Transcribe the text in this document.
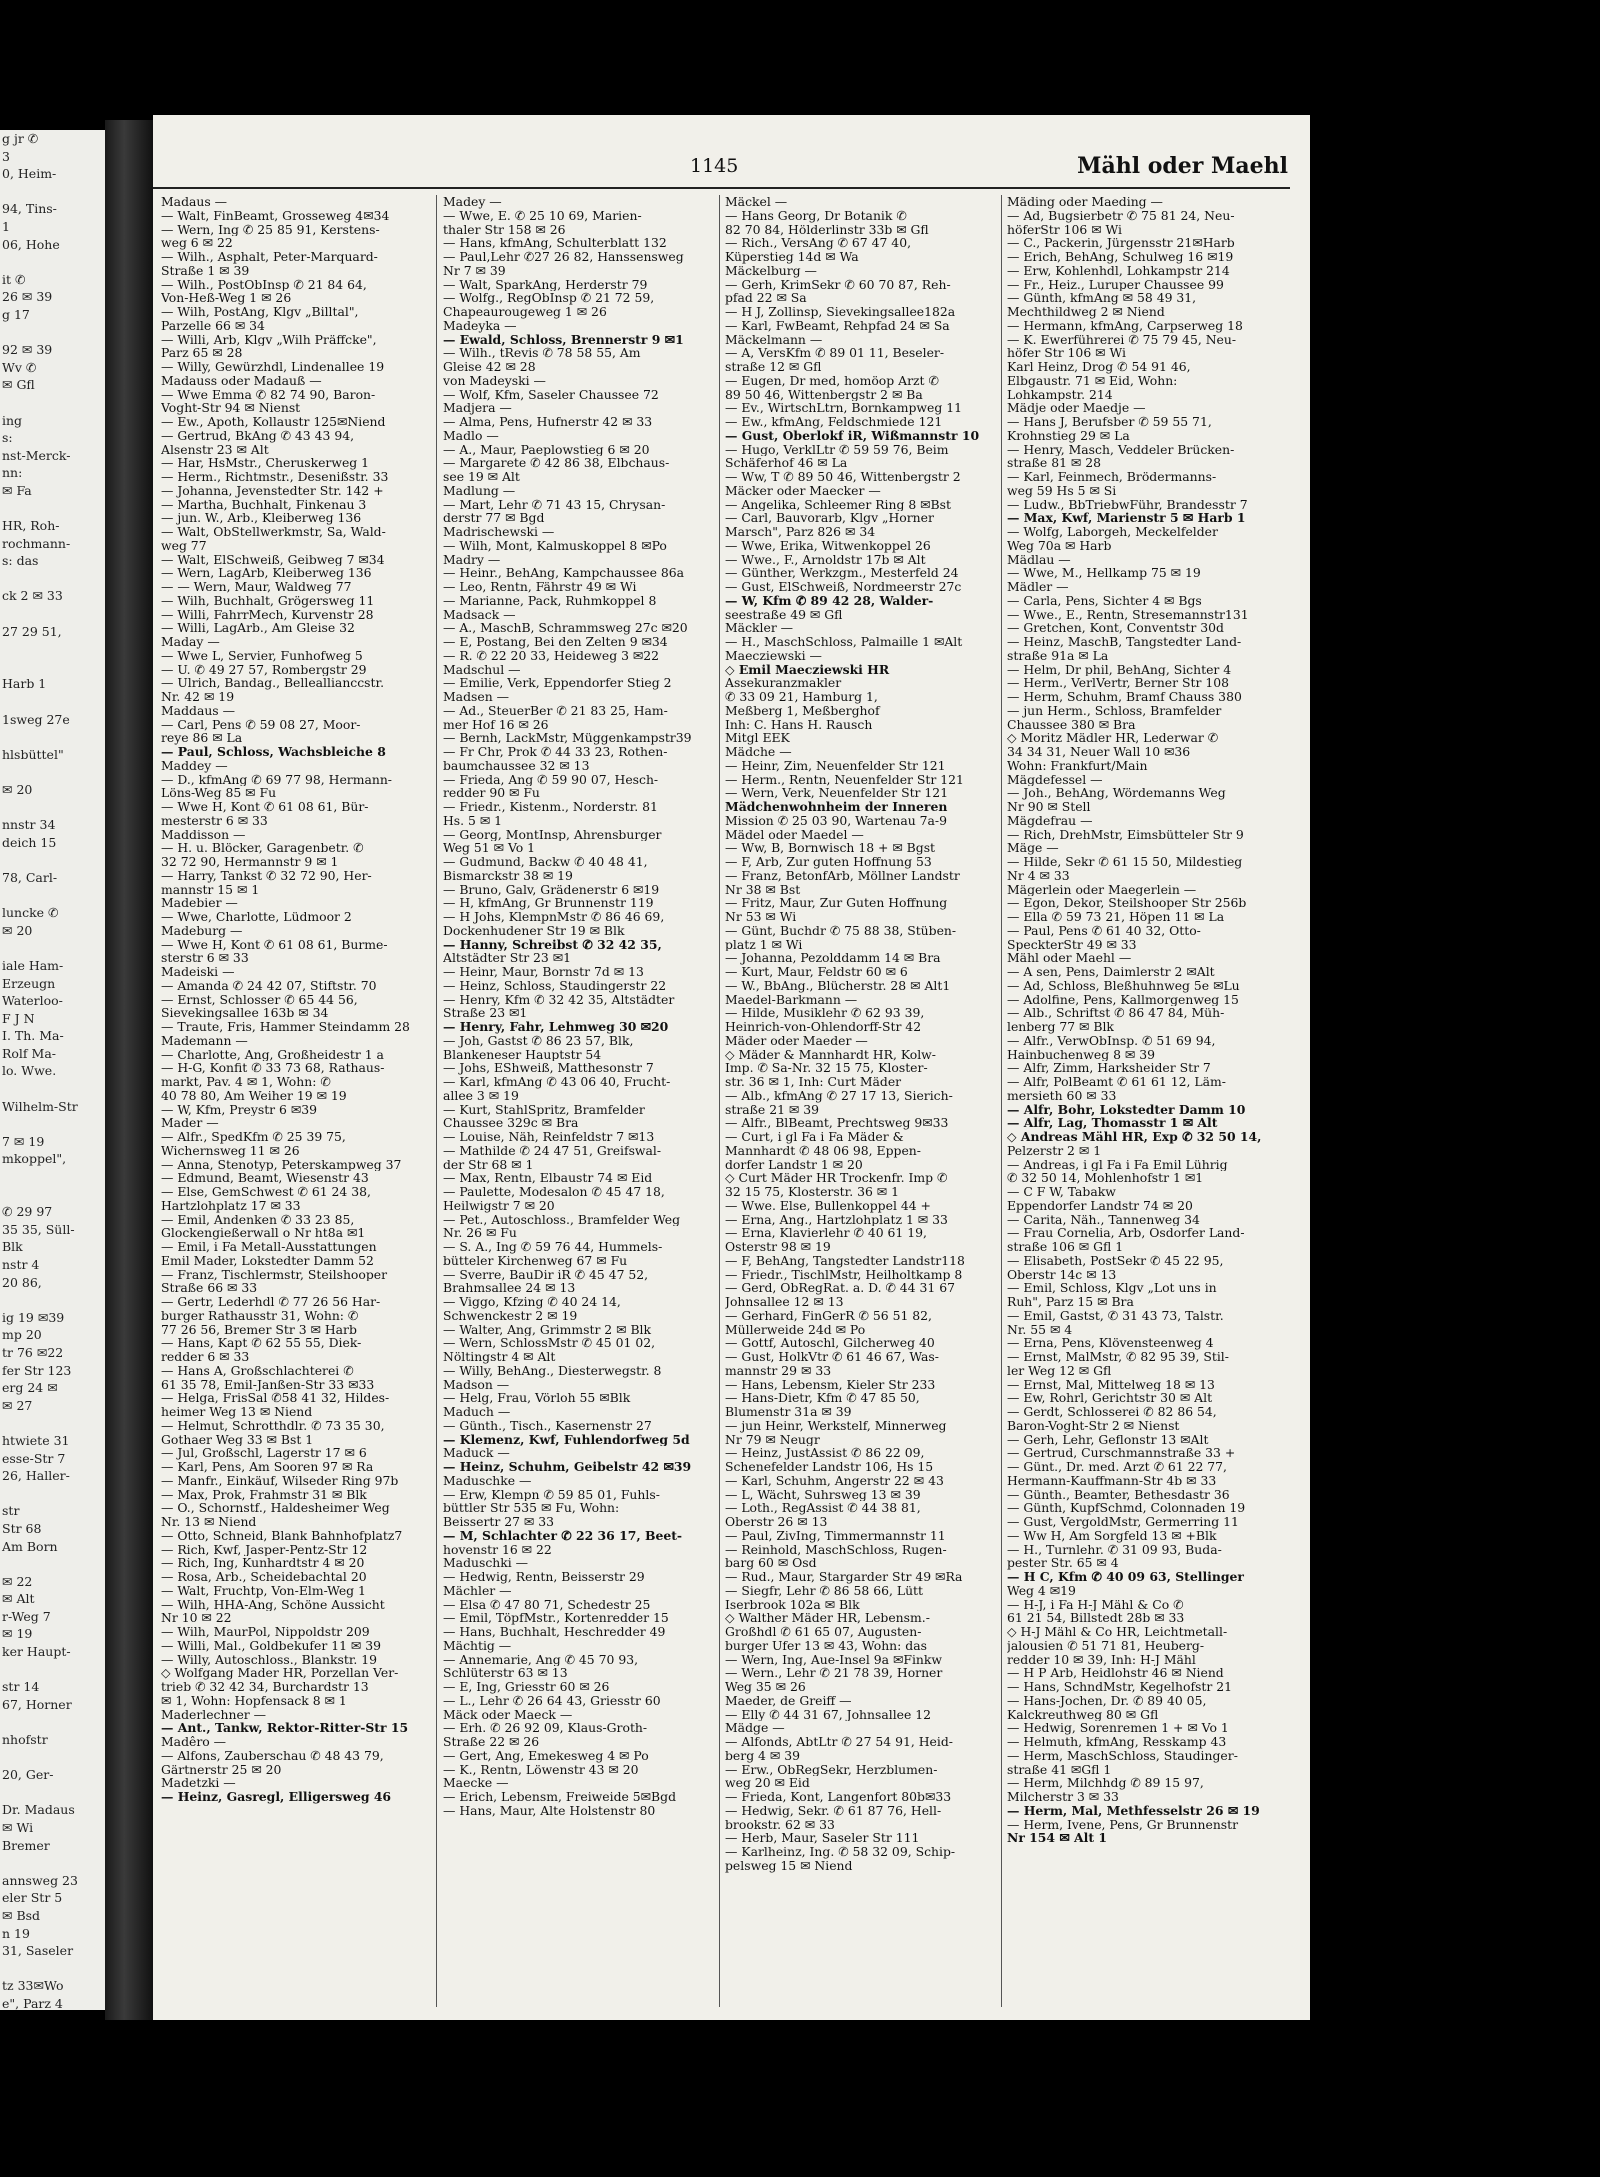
g jr ✆
3
0, Heim-

94, Tins-
1
06, Hohe

it ✆
26 ✉ 39
g 17

92 ✉ 39
Wv ✆
✉ Gfl

ing
s:
nst-Merck-
nn:
✉ Fa

HR, Roh-
rochmann-
s: das

ck 2 ✉ 33

27 29 51,

Harb 1

1sweg 27e

hlsbüttel"

✉ 20

nnstr 34
deich 15

78, Carl-

luncke ✆
✉ 20

iale Ham-
Erzeugn
Waterloo-
F J N
I. Th. Ma-
Rolf Ma-
lo. Wwe.

Wilhelm-Str

7 ✉ 19
mkoppel",

✆ 29 97
35 35, Süll-
Blk
nstr 4
20 86,

ig 19 ✉39
mp 20
tr 76 ✉22
fer Str 123
erg 24 ✉
✉ 27

htwiete 31
esse-Str 7
26, Haller-

str
Str 68
Am Born

✉ 22
✉ Alt
r-Weg 7
✉ 19
ker Haupt-

str 14
67, Horner

nhofstr

20, Ger-

Dr. Madaus
✉ Wi
Bremer

annsweg 23
eler Str 5
✉ Bsd
n 19
31, Saseler

tz 33✉Wo
e", Parz 4

1145	Mähl oder Maehl
Madaus —
— Walt, FinBeamt, Grosseweg 4✉34
— Wern, Ing ✆ 25 85 91, Kerstens-
weg 6 ✉ 22
— Wilh., Asphalt, Peter-Marquard-
Straße 1 ✉ 39
— Wilh., PostObInsp ✆ 21 84 64,
Von-Heß-Weg 1 ✉ 26
— Wilh, PostAng, Klgv „Billtal",
Parzelle 66 ✉ 34
— Willi, Arb, Klgv „Wilh Präffcke",
Parz 65 ✉ 28
— Willy, Gewürzhdl, Lindenallee 19
Madauss oder Madauß —
— Wwe Emma ✆ 82 74 90, Baron-
Voght-Str 94 ✉ Nienst
— Ew., Apoth, Kollaustr 125✉Niend
— Gertrud, BkAng ✆ 43 43 94,
Alsenstr 23 ✉ Alt
— Har, HsMstr., Cheruskerweg 1
— Herm., Richtmstr., Desenißstr. 33
— Johanna, Jevenstedter Str. 142 +
— Martha, Buchhalt, Finkenau 3
— jun. W., Arb., Kleiberweg 136
— Walt, ObStellwerkmstr, Sa, Wald-
weg 77
— Walt, ElSchweiß, Geibweg 7 ✉34
— Wern, LagArb, Kleiberweg 136
— — Wern, Maur, Waldweg 77
— Wilh, Buchhalt, Grögersweg 11
— Willi, FahrrMech, Kurvenstr 28
— Willi, LagArb., Am Gleise 32
Maday —
— Wwe L, Servier, Funhofweg 5
— U. ✆ 49 27 57, Rombergstr 29
— Ulrich, Bandag., Belleallianccstr.
Nr. 42 ✉ 19
Maddaus —
— Carl, Pens ✆ 59 08 27, Moor-
reye 86 ✉ La
— Paul, Schloss, Wachsbleiche 8
Maddey —
— D., kfmAng ✆ 69 77 98, Hermann-
Löns-Weg 85 ✉ Fu
— Wwe H, Kont ✆ 61 08 61, Bür-
mesterstr 6 ✉ 33
Maddisson —
— H. u. Blöcker, Garagenbetr. ✆
32 72 90, Hermannstr 9 ✉ 1
— Harry, Tankst ✆ 32 72 90, Her-
mannstr 15 ✉ 1
Madebier —
— Wwe, Charlotte, Lüdmoor 2
Madeburg —
— Wwe H, Kont ✆ 61 08 61, Burme-
sterstr 6 ✉ 33
Madeiski —
— Amanda ✆ 24 42 07, Stiftstr. 70
— Ernst, Schlosser ✆ 65 44 56,
Sievekingsallee 163b ✉ 34
— Traute, Fris, Hammer Steindamm 28
Mademann —
— Charlotte, Ang, Großheidestr 1 a
— H-G, Konfit ✆ 33 73 68, Rathaus-
markt, Pav. 4 ✉ 1, Wohn: ✆
40 78 80, Am Weiher 19 ✉ 19
— W, Kfm, Preystr 6 ✉39
Mader —
— Alfr., SpedKfm ✆ 25 39 75,
Wichernsweg 11 ✉ 26
— Anna, Stenotyp, Peterskampweg 37
— Edmund, Beamt, Wiesenstr 43
— Else, GemSchwest ✆ 61 24 38,
Hartzlohplatz 17 ✉ 33
— Emil, Andenken ✆ 33 23 85,
Glockengießerwall o Nr ht8a ✉1
— Emil, i Fa Metall-Ausstattungen
Emil Mader, Lokstedter Damm 52
— Franz, Tischlermstr, Steilshooper
Straße 66 ✉ 33
— Gertr, Lederhdl ✆ 77 26 56 Har-
burger Rathausstr 31, Wohn: ✆
77 26 56, Bremer Str 3 ✉ Harb
— Hans, Kapt ✆ 62 55 55, Diek-
redder 6 ✉ 33
— Hans A, Großschlachterei ✆
61 35 78, Emil-Janßen-Str 33 ✉33
— Helga, FrisSal ✆58 41 32, Hildes-
heimer Weg 13 ✉ Niend
— Helmut, Schrotthdlr. ✆ 73 35 30,
Gothaer Weg 33 ✉ Bst 1
— Jul, Großschl, Lagerstr 17 ✉ 6
— Karl, Pens, Am Sooren 97 ✉ Ra
— Manfr., Einkäuf, Wilseder Ring 97b
— Max, Prok, Frahmstr 31 ✉ Blk
— O., Schornstf., Haldesheimer Weg
Nr. 13 ✉ Niend
— Otto, Schneid, Blank Bahnhofplatz7
— Rich, Kwf, Jasper-Pentz-Str 12
— Rich, Ing, Kunhardtstr 4 ✉ 20
— Rosa, Arb., Scheidebachtal 20
— Walt, Fruchtp, Von-Elm-Weg 1
— Wilh, HHA-Ang, Schöne Aussicht
Nr 10 ✉ 22
— Wilh, MaurPol, Nippoldstr 209
— Willi, Mal., Goldbekufer 11 ✉ 39
— Willy, Autoschloss., Blankstr. 19
◇ Wolfgang Mader HR, Porzellan Ver-
trieb ✆ 32 42 34, Burchardstr 13
✉ 1, Wohn: Hopfensack 8 ✉ 1
Maderlechner —
— Ant., Tankw, Rektor-Ritter-Str 15
Madêro —
— Alfons, Zauberschau ✆ 48 43 79,
Gärtnerstr 25 ✉ 20
Madetzki —
— Heinz, Gasregl, Elligersweg 46
Madey —
— Wwe, E. ✆ 25 10 69, Marien-
thaler Str 158 ✉ 26
— Hans, kfmAng, Schulterblatt 132
— Paul,Lehr ✆27 26 82, Hanssensweg
Nr 7 ✉ 39
— Walt, SparkAng, Herderstr 79
— Wolfg., RegObInsp ✆ 21 72 59,
Chapeaurougeweg 1 ✉ 26
Madeyka —
— Ewald, Schloss, Brennerstr 9 ✉1
— Wilh., tRevis ✆ 78 58 55, Am
Gleise 42 ✉ 28
von Madeyski —
— Wolf, Kfm, Saseler Chaussee 72
Madjera —
— Alma, Pens, Hufnerstr 42 ✉ 33
Madlo —
— A., Maur, Paeplowstieg 6 ✉ 20
— Margarete ✆ 42 86 38, Elbchaus-
see 19 ✉ Alt
Madlung —
— Mart, Lehr ✆ 71 43 15, Chrysan-
derstr 77 ✉ Bgd
Madrischewski —
— Wilh, Mont, Kalmuskoppel 8 ✉Po
Madry —
— Heinr., BehAng, Kampchaussee 86a
— Leo, Rentn, Fährstr 49 ✉ Wi
— Marianne, Pack, Ruhmkoppel 8
Madsack —
— A., MaschB, Schrammsweg 27c ✉20
— E, Postang, Bei den Zelten 9 ✉34
— R. ✆ 22 20 33, Heideweg 3 ✉22
Madschul —
— Emilie, Verk, Eppendorfer Stieg 2
Madsen —
— Ad., SteuerBer ✆ 21 83 25, Ham-
mer Hof 16 ✉ 26
— Bernh, LackMstr, Müggenkampstr39
— Fr Chr, Prok ✆ 44 33 23, Rothen-
baumchaussee 32 ✉ 13
— Frieda, Ang ✆ 59 90 07, Hesch-
redder 90 ✉ Fu
— Friedr., Kistenm., Norderstr. 81
Hs. 5 ✉ 1
— Georg, MontInsp, Ahrensburger
Weg 51 ✉ Vo 1
— Gudmund, Backw ✆ 40 48 41,
Bismarckstr 38 ✉ 19
— Bruno, Galv, Grädenerstr 6 ✉19
— H, kfmAng, Gr Brunnenstr 119
— H Johs, KlempnMstr ✆ 86 46 69,
Dockenhudener Str 19 ✉ Blk
— Hanny, Schreibst ✆ 32 42 35,
Altstädter Str 23 ✉1
— Heinr, Maur, Bornstr 7d ✉ 13
— Heinz, Schloss, Staudingerstr 22
— Henry, Kfm ✆ 32 42 35, Altstädter
Straße 23 ✉1
— Henry, Fahr, Lehmweg 30 ✉20
— Joh, Gastst ✆ 86 23 57, Blk,
Blankeneser Hauptstr 54
— Johs, EShweiß, Matthesonstr 7
— Karl, kfmAng ✆ 43 06 40, Frucht-
allee 3 ✉ 19
— Kurt, StahlSpritz, Bramfelder
Chaussee 329c ✉ Bra
— Louise, Näh, Reinfeldstr 7 ✉13
— Mathilde ✆ 24 47 51, Greifswal-
der Str 68 ✉ 1
— Max, Rentn, Elbaustr 74 ✉ Eid
— Paulette, Modesalon ✆ 45 47 18,
Heilwigstr 7 ✉ 20
— Pet., Autoschloss., Bramfelder Weg
Nr. 26 ✉ Fu
— S. A., Ing ✆ 59 76 44, Hummels-
bütteler Kirchenweg 67 ✉ Fu
— Sverre, BauDir iR ✆ 45 47 52,
Brahmsallee 24 ✉ 13
— Viggo, Kfzing ✆ 40 24 14,
Schwenckestr 2 ✉ 19
— Walter, Ang, Grimmstr 2 ✉ Blk
— Wern, SchlossMstr ✆ 45 01 02,
Nöltingstr 4 ✉ Alt
— Willy, BehAng., Diesterwegstr. 8
Madson —
— Helg, Frau, Vörloh 55 ✉Blk
Maduch —
— Günth., Tisch., Kasernenstr 27
— Klemenz, Kwf, Fuhlendorfweg 5d
Maduck —
— Heinz, Schuhm, Geibelstr 42 ✉39
Maduschke —
— Erw, Klempn ✆ 59 85 01, Fuhls-
büttler Str 535 ✉ Fu, Wohn:
Beissertr 27 ✉ 33
— M, Schlachter ✆ 22 36 17, Beet-
hovenstr 16 ✉ 22
Maduschki —
— Hedwig, Rentn, Beisserstr 29
Mächler —
— Elsa ✆ 47 80 71, Schedestr 25
— Emil, TöpfMstr., Kortenredder 15
— Hans, Buchhalt, Heschredder 49
Mächtig —
— Annemarie, Ang ✆ 45 70 93,
Schlüterstr 63 ✉ 13
— E, Ing, Griesstr 60 ✉ 26
— L., Lehr ✆ 26 64 43, Griesstr 60
Mäck oder Maeck —
— Erh. ✆ 26 92 09, Klaus-Groth-
Straße 22 ✉ 26
— Gert, Ang, Emekesweg 4 ✉ Po
— K., Rentn, Löwenstr 43 ✉ 20
Maecke —
— Erich, Lebensm, Freiweide 5✉Bgd
— Hans, Maur, Alte Holstenstr 80
Mäckel —
— Hans Georg, Dr Botanik ✆
82 70 84, Hölderlinstr 33b ✉ Gfl
— Rich., VersAng ✆ 67 47 40,
Küperstieg 14d ✉ Wa
Mäckelburg —
— Gerh, KrimSekr ✆ 60 70 87, Reh-
pfad 22 ✉ Sa
— H J, Zollinsp, Sievekingsallee182a
— Karl, FwBeamt, Rehpfad 24 ✉ Sa
Mäckelmann —
— A, VersKfm ✆ 89 01 11, Beseler-
straße 12 ✉ Gfl
— Eugen, Dr med, homöop Arzt ✆
89 50 46, Wittenbergstr 2 ✉ Ba
— Ev., WirtschLtrn, Bornkampweg 11
— Ew., kfmAng, Feldschmiede 121
— Gust, Oberlokf iR, Wißmannstr 10
— Hugo, VerklLtr ✆ 59 59 76, Beim
Schäferhof 46 ✉ La
— Ww, T ✆ 89 50 46, Wittenbergstr 2
Mäcker oder Maecker —
— Angelika, Schleemer Ring 8 ✉Bst
— Carl, Bauvorarb, Klgv „Horner
Marsch", Parz 826 ✉ 34
— Wwe, Erika, Witwenkoppel 26
— Wwe., F., Arnoldstr 17b ✉ Alt
— Günther, Werkzgm., Mesterfeld 24
— Gust, ElSchweiß, Nordmeerstr 27c
— W, Kfm ✆ 89 42 28, Walder-
seestraße 49 ✉ Gfl
Mäckler —
— H., MaschSchloss, Palmaille 1 ✉Alt
Maecziewski —
◇ Emil Maecziewski HR
Assekuranzmakler
✆ 33 09 21, Hamburg 1,
Meßberg 1, Meßberghof
Inh: C. Hans H. Rausch
Mitgl EEK
Mädche —
— Heinr, Zim, Neuenfelder Str 121
— Herm., Rentn, Neuenfelder Str 121
— Wern, Verk, Neuenfelder Str 121
Mädchenwohnheim der Inneren
Mission ✆ 25 03 90, Wartenau 7a-9
Mädel oder Maedel —
— Ww, B, Bornwisch 18 + ✉ Bgst
— F, Arb, Zur guten Hoffnung 53
— Franz, BetonfArb, Möllner Landstr
Nr 38 ✉ Bst
— Fritz, Maur, Zur Guten Hoffnung
Nr 53 ✉ Wi
— Günt, Buchdr ✆ 75 88 38, Stüben-
platz 1 ✉ Wi
— Johanna, Pezolddamm 14 ✉ Bra
— Kurt, Maur, Feldstr 60 ✉ 6
— W., BbAng., Blücherstr. 28 ✉ Alt1
Maedel-Barkmann —
— Hilde, Musiklehr ✆ 62 93 39,
Heinrich-von-Ohlendorff-Str 42
Mäder oder Maeder —
◇ Mäder & Mannhardt HR, Kolw-
Imp. ✆ Sa-Nr. 32 15 75, Kloster-
str. 36 ✉ 1, Inh: Curt Mäder
— Alb., kfmAng ✆ 27 17 13, Sierich-
straße 21 ✉ 39
— Alfr., BlBeamt, Prechtsweg 9✉33
— Curt, i gl Fa i Fa Mäder &
Mannhardt ✆ 48 06 98, Eppen-
dorfer Landstr 1 ✉ 20
◇ Curt Mäder HR Trockenfr. Imp ✆
32 15 75, Klosterstr. 36 ✉ 1
— Wwe. Else, Bullenkoppel 44 +
— Erna, Ang., Hartzlohplatz 1 ✉ 33
— Erna, Klavierlehr ✆ 40 61 19,
Osterstr 98 ✉ 19
— F, BehAng, Tangstedter Landstr118
— Friedr., TischlMstr, Heilholtkamp 8
— Gerd, ObRegRat. a. D. ✆ 44 31 67
Johnsallee 12 ✉ 13
— Gerhard, FinGerR ✆ 56 51 82,
Müllerweide 24d ✉ Po
— Gottf, Autoschl, Gilcherweg 40
— Gust, HolkVtr ✆ 61 46 67, Was-
mannstr 29 ✉ 33
— Hans, Lebensm, Kieler Str 233
— Hans-Dietr, Kfm ✆ 47 85 50,
Blumenstr 31a ✉ 39
— jun Heinr, Werkstelf, Minnerweg
Nr 79 ✉ Neugr
— Heinz, JustAssist ✆ 86 22 09,
Schenefelder Landstr 106, Hs 15
— Karl, Schuhm, Angerstr 22 ✉ 43
— L, Wächt, Suhrsweg 13 ✉ 39
— Loth., RegAssist ✆ 44 38 81,
Oberstr 26 ✉ 13
— Paul, ZivIng, Timmermannstr 11
— Reinhold, MaschSchloss, Rugen-
barg 60 ✉ Osd
— Rud., Maur, Stargarder Str 49 ✉Ra
— Siegfr, Lehr ✆ 86 58 66, Lütt
Iserbrook 102a ✉ Blk
◇ Walther Mäder HR, Lebensm.-
Großhdl ✆ 61 65 07, Augusten-
burger Ufer 13 ✉ 43, Wohn: das
— Wern, Ing, Aue-Insel 9a ✉Finkw
— Wern., Lehr ✆ 21 78 39, Horner
Weg 35 ✉ 26
Maeder, de Greiff —
— Elly ✆ 44 31 67, Johnsallee 12
Mädge —
— Alfonds, AbtLtr ✆ 27 54 91, Heid-
berg 4 ✉ 39
— Erw., ObRegSekr, Herzblumen-
weg 20 ✉ Eid
— Frieda, Kont, Langenfort 80b✉33
— Hedwig, Sekr. ✆ 61 87 76, Hell-
brookstr. 62 ✉ 33
— Herb, Maur, Saseler Str 111
— Karlheinz, Ing. ✆ 58 32 09, Schip-
pelsweg 15 ✉ Niend
Mäding oder Maeding —
— Ad, Bugsierbetr ✆ 75 81 24, Neu-
höferStr 106 ✉ Wi
— C., Packerin, Jürgensstr 21✉Harb
— Erich, BehAng, Schulweg 16 ✉19
— Erw, Kohlenhdl, Lohkampstr 214
— Fr., Heiz., Luruper Chaussee 99
— Günth, kfmAng ✉ 58 49 31,
Mechthildweg 2 ✉ Niend
— Hermann, kfmAng, Carpserweg 18
— K. Ewerführerei ✆ 75 79 45, Neu-
höfer Str 106 ✉ Wi
Karl Heinz, Drog ✆ 54 91 46,
Elbgaustr. 71 ✉ Eid, Wohn:
Lohkampstr. 214
Mädje oder Maedje —
— Hans J, Berufsber ✆ 59 55 71,
Krohnstieg 29 ✉ La
— Henry, Masch, Veddeler Brücken-
straße 81 ✉ 28
— Karl, Feinmech, Brödermanns-
weg 59 Hs 5 ✉ Si
— Ludw., BbTriebwFühr, Brandesstr 7
— Max, Kwf, Marienstr 5 ✉ Harb 1
— Wolfg, Laborgeh, Meckelfelder
Weg 70a ✉ Harb
Mädlau —
— Wwe, M., Hellkamp 75 ✉ 19
Mädler —
— Carla, Pens, Sichter 4 ✉ Bgs
— Wwe., E., Rentn, Stresemannstr131
— Gretchen, Kont, Conventstr 30d
— Heinz, MaschB, Tangstedter Land-
straße 91a ✉ La
— Helm, Dr phil, BehAng, Sichter 4
— Herm., VerlVertr, Berner Str 108
— Herm, Schuhm, Bramf Chauss 380
— jun Herm., Schloss, Bramfelder
Chaussee 380 ✉ Bra
◇ Moritz Mädler HR, Lederwar ✆
34 34 31, Neuer Wall 10 ✉36
Wohn: Frankfurt/Main
Mägdefessel —
— Joh., BehAng, Wördemanns Weg
Nr 90 ✉ Stell
Mägdefrau —
— Rich, DrehMstr, Eimsbütteler Str 9
Mäge —
— Hilde, Sekr ✆ 61 15 50, Mildestieg
Nr 4 ✉ 33
Mägerlein oder Maegerlein —
— Egon, Dekor, Steilshooper Str 256b
— Ella ✆ 59 73 21, Höpen 11 ✉ La
— Paul, Pens ✆ 61 40 32, Otto-
SpeckterStr 49 ✉ 33
Mähl oder Maehl —
— A sen, Pens, Daimlerstr 2 ✉Alt
— Ad, Schloss, Bleßhuhnweg 5e ✉Lu
— Adolfine, Pens, Kallmorgenweg 15
— Alb., Schriftst ✆ 86 47 84, Müh-
lenberg 77 ✉ Blk
— Alfr., VerwObInsp. ✆ 51 69 94,
Hainbuchenweg 8 ✉ 39
— Alfr, Zimm, Harksheider Str 7
— Alfr, PolBeamt ✆ 61 61 12, Läm-
mersieth 60 ✉ 33
— Alfr, Bohr, Lokstedter Damm 10
— Alfr, Lag, Thomasstr 1 ✉ Alt
◇ Andreas Mähl HR, Exp ✆ 32 50 14,
Pelzerstr 2 ✉ 1
— Andreas, i gl Fa i Fa Emil Lührig
✆ 32 50 14, Mohlenhofstr 1 ✉1
— C F W, Tabakw
Eppendorfer Landstr 74 ✉ 20
— Carita, Näh., Tannenweg 34
— Frau Cornelia, Arb, Osdorfer Land-
straße 106 ✉ Gfl 1
— Elisabeth, PostSekr ✆ 45 22 95,
Oberstr 14c ✉ 13
— Emil, Schloss, Klgv „Lot uns in
Ruh", Parz 15 ✉ Bra
— Emil, Gastst, ✆ 31 43 73, Talstr.
Nr. 55 ✉ 4
— Erna, Pens, Klövensteenweg 4
— Ernst, MalMstr, ✆ 82 95 39, Stil-
ler Weg 12 ✉ Gfl
— Ernst, Mal, Mittelweg 18 ✉ 13
— Ew, Rohrl, Gerichtstr 30 ✉ Alt
— Gerdt, Schlosserei ✆ 82 86 54,
Baron-Voght-Str 2 ✉ Nienst
— Gerh, Lehr, Geflonstr 13 ✉Alt
— Gertrud, Curschmannstraße 33 +
— Günt., Dr. med. Arzt ✆ 61 22 77,
Hermann-Kauffmann-Str 4b ✉ 33
— Günth., Beamter, Bethesdastr 36
— Günth, KupfSchmd, Colonnaden 19
— Gust, VergoldMstr, Germerring 11
— Ww H, Am Sorgfeld 13 ✉ +Blk
— H., Turnlehr. ✆ 31 09 93, Buda-
pester Str. 65 ✉ 4
— H C, Kfm ✆ 40 09 63, Stellinger
Weg 4 ✉19
— H-J, i Fa H-J Mähl & Co ✆
61 21 54, Billstedt 28b ✉ 33
◇ H-J Mähl & Co HR, Leichtmetall-
jalousien ✆ 51 71 81, Heuberg-
redder 10 ✉ 39, Inh: H-J Mähl
— H P Arb, Heidlohstr 46 ✉ Niend
— Hans, SchndMstr, Kegelhofstr 21
— Hans-Jochen, Dr. ✆ 89 40 05,
Kalckreuthweg 80 ✉ Gfl
— Hedwig, Sorenremen 1 + ✉ Vo 1
— Helmuth, kfmAng, Resskamp 43
— Herm, MaschSchloss, Staudinger-
straße 41 ✉Gfl 1
— Herm, Milchhdg ✆ 89 15 97,
Milcherstr 3 ✉ 33
— Herm, Mal, Methfesselstr 26 ✉ 19
— Herm, Ivene, Pens, Gr Brunnenstr
Nr 154 ✉ Alt 1
